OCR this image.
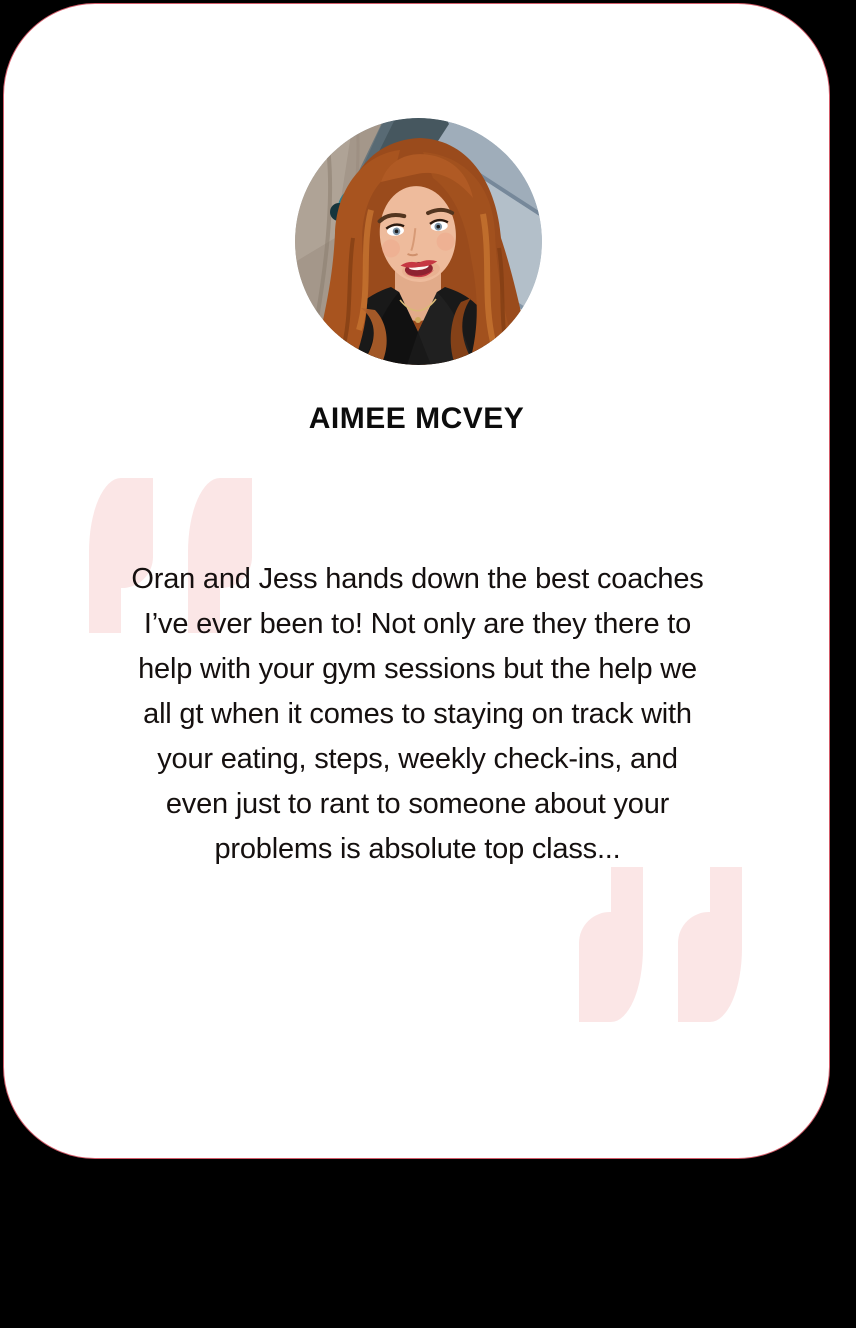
AIMEE MCVEY
Oran and Jess hands down the best coaches
I’ve ever been to! Not only are they there to
help with your gym sessions but the help we
all gt when it comes to staying on track with
your eating, steps, weekly check-ins, and
even just to rant to someone about your
problems is absolute top class...
